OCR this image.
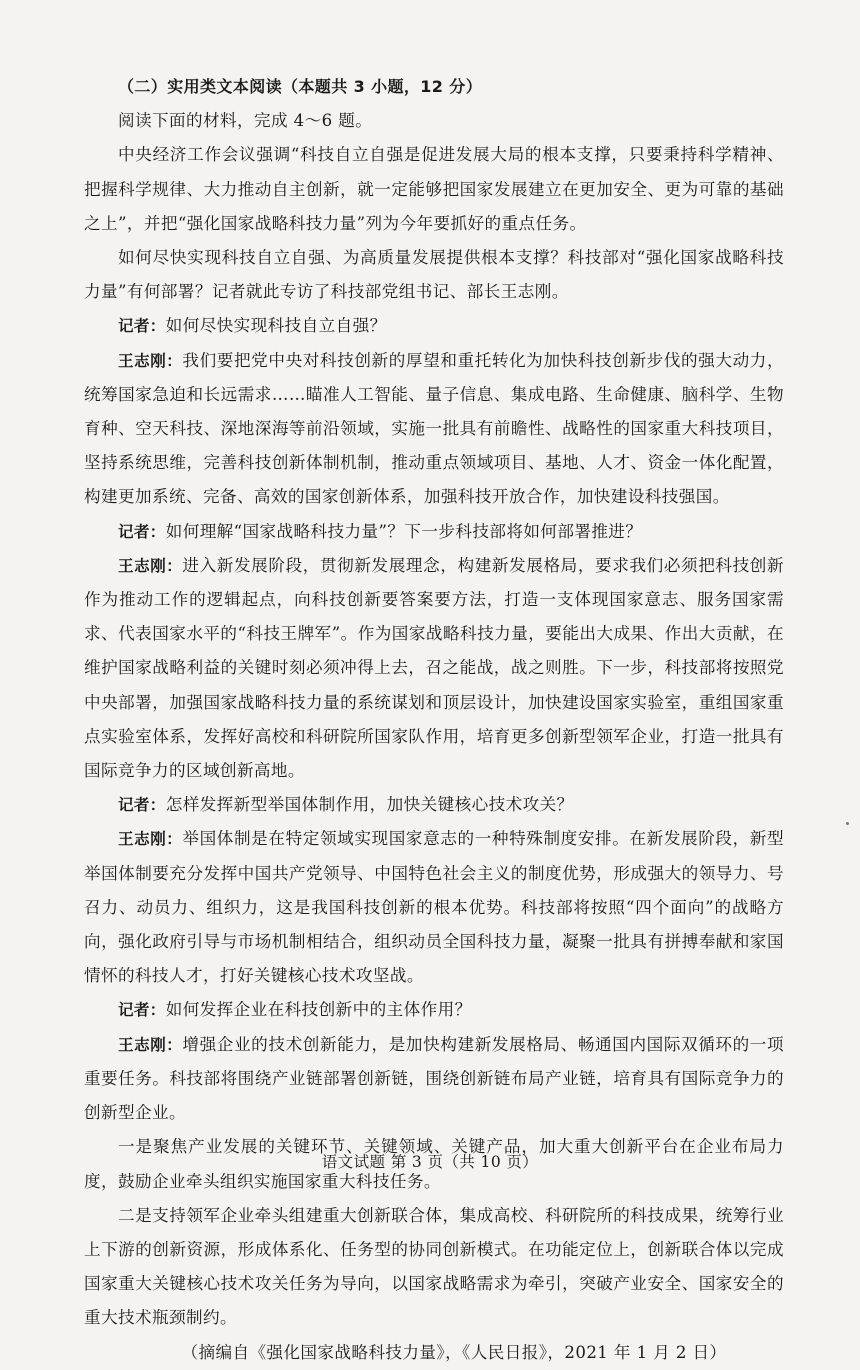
（二）实用类文本阅读（本题共 3 小题，12 分）

阅读下面的材料，完成 4～6 题。

中央经济工作会议强调“科技自立自强是促进发展大局的根本支撑，只要秉持科学精神、把握科学规律、大力推动自主创新，就一定能够把国家发展建立在更加安全、更为可靠的基础之上”，并把“强化国家战略科技力量”列为今年要抓好的重点任务。

如何尽快实现科技自立自强、为高质量发展提供根本支撑？科技部对“强化国家战略科技力量”有何部署？记者就此专访了科技部党组书记、部长王志刚。

记者：如何尽快实现科技自立自强？

王志刚：我们要把党中央对科技创新的厚望和重托转化为加快科技创新步伐的强大动力，统筹国家急迫和长远需求……瞄准人工智能、量子信息、集成电路、生命健康、脑科学、生物育种、空天科技、深地深海等前沿领域，实施一批具有前瞻性、战略性的国家重大科技项目，坚持系统思维，完善科技创新体制机制，推动重点领域项目、基地、人才、资金一体化配置，构建更加系统、完备、高效的国家创新体系，加强科技开放合作，加快建设科技强国。

记者：如何理解“国家战略科技力量”？下一步科技部将如何部署推进？

王志刚：进入新发展阶段，贯彻新发展理念，构建新发展格局，要求我们必须把科技创新作为推动工作的逻辑起点，向科技创新要答案要方法，打造一支体现国家意志、服务国家需求、代表国家水平的“科技王牌军”。作为国家战略科技力量，要能出大成果、作出大贡献，在维护国家战略利益的关键时刻必须冲得上去，召之能战，战之则胜。下一步，科技部将按照党中央部署，加强国家战略科技力量的系统谋划和顶层设计，加快建设国家实验室，重组国家重点实验室体系，发挥好高校和科研院所国家队作用，培育更多创新型领军企业，打造一批具有国际竞争力的区域创新高地。

记者：怎样发挥新型举国体制作用，加快关键核心技术攻关？

王志刚：举国体制是在特定领域实现国家意志的一种特殊制度安排。在新发展阶段，新型举国体制要充分发挥中国共产党领导、中国特色社会主义的制度优势，形成强大的领导力、号召力、动员力、组织力，这是我国科技创新的根本优势。科技部将按照“四个面向”的战略方向，强化政府引导与市场机制相结合，组织动员全国科技力量，凝聚一批具有拼搏奉献和家国情怀的科技人才，打好关键核心技术攻坚战。

记者：如何发挥企业在科技创新中的主体作用？

王志刚：增强企业的技术创新能力，是加快构建新发展格局、畅通国内国际双循环的一项重要任务。科技部将围绕产业链部署创新链，围绕创新链布局产业链，培育具有国际竞争力的创新型企业。

一是聚焦产业发展的关键环节、关键领域、关键产品，加大重大创新平台在企业布局力度，鼓励企业牵头组织实施国家重大科技任务。

二是支持领军企业牵头组建重大创新联合体，集成高校、科研院所的科技成果，统筹行业上下游的创新资源，形成体系化、任务型的协同创新模式。在功能定位上，创新联合体以完成国家重大关键核心技术攻关任务为导向，以国家战略需求为牵引，突破产业安全、国家安全的重大技术瓶颈制约。

（摘编自《强化国家战略科技力量》，《人民日报》，2021 年 1 月 2 日）

语文试题 第 3 页（共 10 页）
